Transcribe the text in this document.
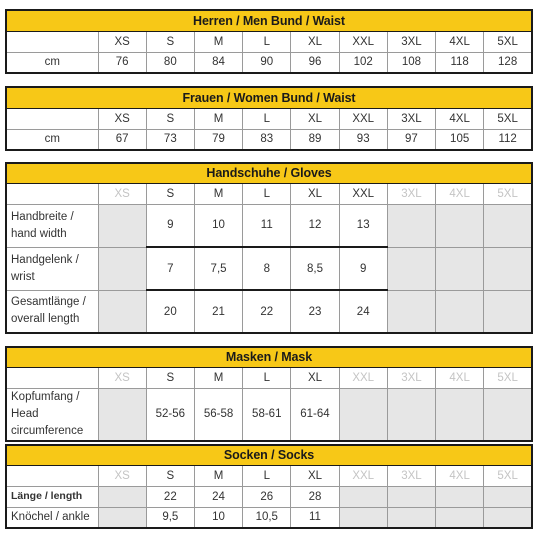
Herren / Men Bund / Waist									
	XS	S	M	L	XL	XXL	3XL	4XL	5XL
cm	76	80	84	90	96	102	108	118	128
Frauen / Women Bund / Waist									
	XS	S	M	L	XL	XXL	3XL	4XL	5XL
cm	67	73	79	83	89	93	97	105	112
Handschuhe / Gloves									
	XS	S	M	L	XL	XXL	3XL	4XL	5XL
Handbreite / hand width		9	10	11	12	13			
Handgelenk / wrist		7	7,5	8	8,5	9			
Gesamtlänge / overall length		20	21	22	23	24			
Masken / Mask									
	XS	S	M	L	XL	XXL	3XL	4XL	5XL
Kopfumfang / Head circumference		52-56	56-58	58-61	61-64				
Socken / Socks									
	XS	S	M	L	XL	XXL	3XL	4XL	5XL
Länge / length		22	24	26	28				
Knöchel / ankle		9,5	10	10,5	11				
